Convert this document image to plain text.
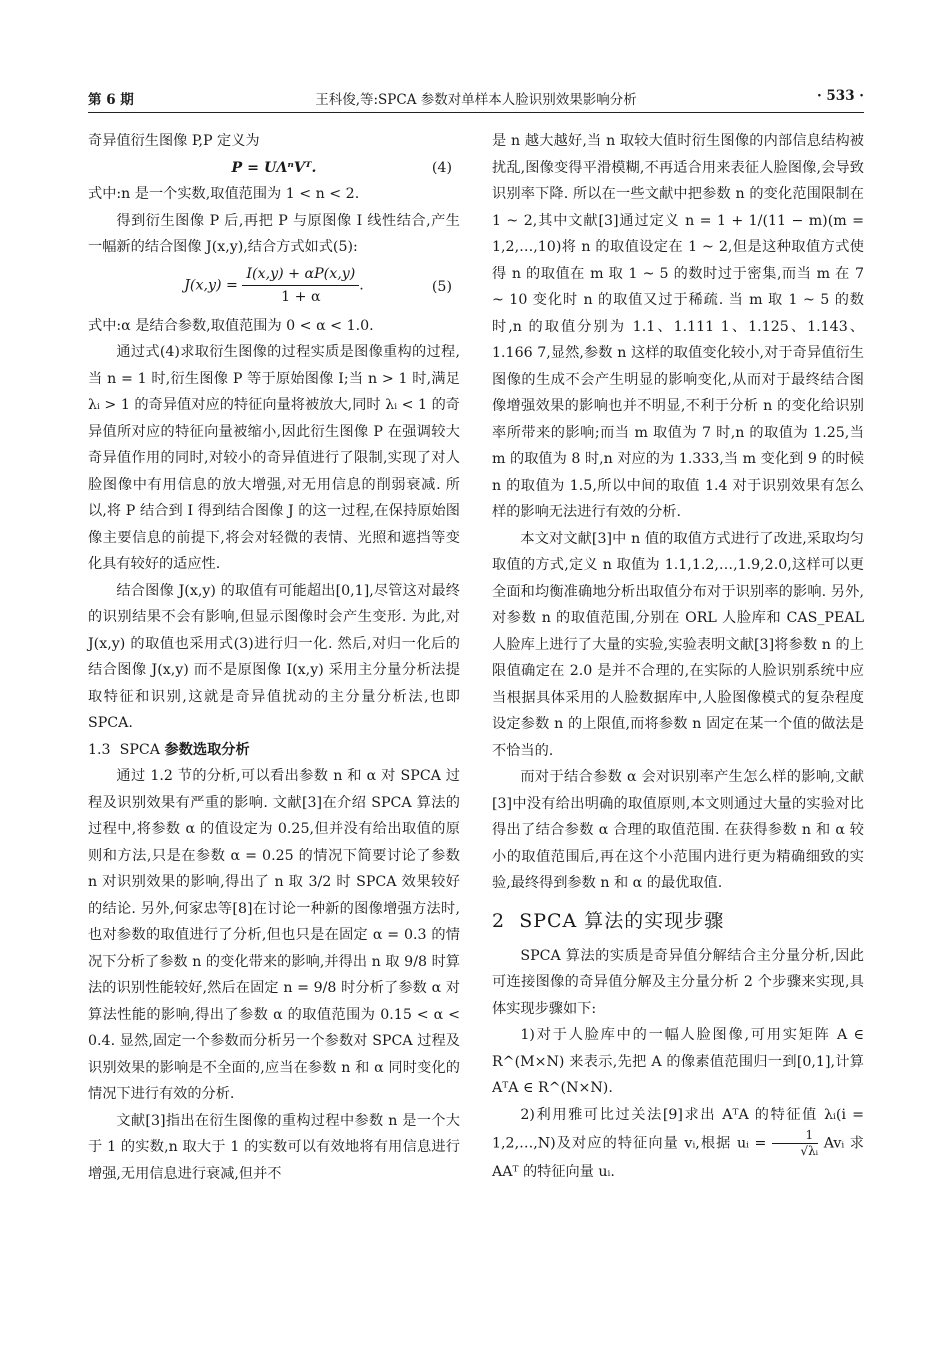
第 6 期	王科俊,等:SPCA 参数对单样本人脸识别效果影响分析	· 533 ·

奇异值衍生图像 P,P 定义为

P = UΛⁿVᵀ.	(4)

式中:n 是一个实数,取值范围为 1 < n < 2.

得到衍生图像 P 后,再把 P 与原图像 I 线性结合,产生一幅新的结合图像 J(x,y),结合方式如式(5):

$J(x,y) = \frac{I(x,y) + \alpha P(x,y)}{1 + \alpha}$ .	(5)

式中:α 是结合参数,取值范围为 0 < α < 1.0.

通过式(4)求取衍生图像的过程实质是图像重构的过程,当 n = 1 时,衍生图像 P 等于原始图像 I;当 n > 1 时,满足 λᵢ > 1 的奇异值对应的特征向量将被放大,同时 λᵢ < 1 的奇异值所对应的特征向量被缩小,因此衍生图像 P 在强调较大奇异值作用的同时,对较小的奇异值进行了限制,实现了对人脸图像中有用信息的放大增强,对无用信息的削弱衰减. 所以,将 P 结合到 I 得到结合图像 J 的这一过程,在保持原始图像主要信息的前提下,将会对轻微的表情、光照和遮挡等变化具有较好的适应性.

结合图像 J(x,y) 的取值有可能超出[0,1],尽管这对最终的识别结果不会有影响,但显示图像时会产生变形. 为此,对 J(x,y) 的取值也采用式(3)进行归一化. 然后,对归一化后的结合图像 J(x,y) 而不是原图像 I(x,y) 采用主分量分析法提取特征和识别,这就是奇异值扰动的主分量分析法,也即 SPCA.

1.3 SPCA 参数选取分析

通过 1.2 节的分析,可以看出参数 n 和 α 对 SPCA 过程及识别效果有严重的影响. 文献[3]在介绍 SPCA 算法的过程中,将参数 α 的值设定为 0.25,但并没有给出取值的原则和方法,只是在参数 α = 0.25 的情况下简要讨论了参数 n 对识别效果的影响,得出了 n 取 3/2 时 SPCA 效果较好的结论. 另外,何家忠等[8]在讨论一种新的图像增强方法时,也对参数的取值进行了分析,但也只是在固定 α = 0.3 的情况下分析了参数 n 的变化带来的影响,并得出 n 取 9/8 时算法的识别性能较好,然后在固定 n = 9/8 时分析了参数 α 对算法性能的影响,得出了参数 α 的取值范围为 0.15 < α < 0.4. 显然,固定一个参数而分析另一个参数对 SPCA 过程及识别效果的影响是不全面的,应当在参数 n 和 α 同时变化的情况下进行有效的分析.

文献[3]指出在衍生图像的重构过程中参数 n 是一个大于 1 的实数,n 取大于 1 的实数可以有效地将有用信息进行增强,无用信息进行衰减,但并不

是 n 越大越好,当 n 取较大值时衍生图像的内部信息结构被扰乱,图像变得平滑模糊,不再适合用来表征人脸图像,会导致识别率下降. 所以在一些文献中把参数 n 的变化范围限制在 1 ~ 2,其中文献[3]通过定义 n = 1 + 1/(11 − m)(m = 1,2,…,10)将 n 的取值设定在 1 ~ 2,但是这种取值方式使得 n 的取值在 m 取 1 ~ 5 的数时过于密集,而当 m 在 7 ~ 10 变化时 n 的取值又过于稀疏. 当 m 取 1 ~ 5 的数时,n 的取值分别为 1.1、1.111 1、1.125、1.143、1.166 7,显然,参数 n 这样的取值变化较小,对于奇异值衍生图像的生成不会产生明显的影响变化,从而对于最终结合图像增强效果的影响也并不明显,不利于分析 n 的变化给识别率所带来的影响;而当 m 取值为 7 时,n 的取值为 1.25,当 m 的取值为 8 时,n 对应的为 1.333,当 m 变化到 9 的时候 n 的取值为 1.5,所以中间的取值 1.4 对于识别效果有怎么样的影响无法进行有效的分析.

本文对文献[3]中 n 值的取值方式进行了改进,采取均匀取值的方式,定义 n 取值为 1.1,1.2,…,1.9,2.0,这样可以更全面和均衡准确地分析出取值分布对于识别率的影响. 另外,对参数 n 的取值范围,分别在 ORL 人脸库和 CAS_PEAL 人脸库上进行了大量的实验,实验表明文献[3]将参数 n 的上限值确定在 2.0 是并不合理的,在实际的人脸识别系统中应当根据具体采用的人脸数据库中,人脸图像模式的复杂程度设定参数 n 的上限值,而将参数 n 固定在某一个值的做法是不恰当的.

而对于结合参数 α 会对识别率产生怎么样的影响,文献[3]中没有给出明确的取值原则,本文则通过大量的实验对比得出了结合参数 α 合理的取值范围. 在获得参数 n 和 α 较小的取值范围后,再在这个小范围内进行更为精确细致的实验,最终得到参数 n 和 α 的最优取值.

2 SPCA 算法的实现步骤

SPCA 算法的实质是奇异值分解结合主分量分析,因此可连接图像的奇异值分解及主分量分析 2 个步骤来实现,具体实现步骤如下:

1)对于人脸库中的一幅人脸图像,可用实矩阵 A ∈ R^(M×N) 来表示,先把 A 的像素值范围归一到[0,1],计算 AᵀA ∈ R^(N×N).

2)利用雅可比过关法[9]求出 AᵀA 的特征值 λᵢ(i = 1,2,…,N)及对应的特征向量 vᵢ,根据 uᵢ = $\frac{1}{\text{√λᵢ}}$ Avᵢ 求 AAᵀ 的特征向量 uᵢ.
